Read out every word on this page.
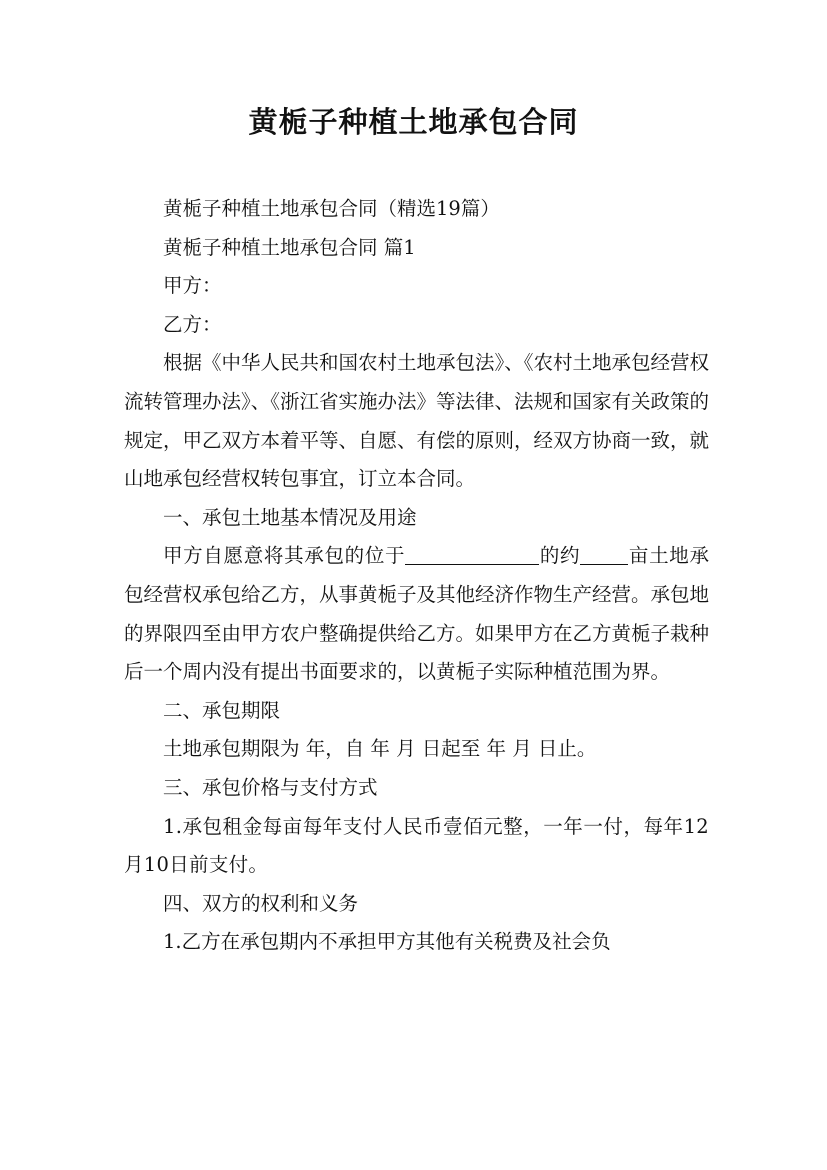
黄栀子种植土地承包合同

黄栀子种植土地承包合同（精选19篇）

黄栀子种植土地承包合同 篇1

甲方：

乙方：

根据《中华人民共和国农村土地承包法》、《农村土地承包经营权流转管理办法》、《浙江省实施办法》等法律、法规和国家有关政策的规定，甲乙双方本着平等、自愿、有偿的原则，经双方协商一致，就山地承包经营权转包事宜，订立本合同。

一、承包土地基本情况及用途

甲方自愿意将其承包的位于	的约 亩土地承包经营权承包给乙方，从事黄栀子及其他经济作物生产经营。承包地的界限四至由甲方农户整确提供给乙方。如果甲方在乙方黄栀子栽种后一个周内没有提出书面要求的，以黄栀子实际种植范围为界。

二、承包期限

土地承包期限为 年，自 年 月 日起至 年 月 日止。

三、承包价格与支付方式

1.承包租金每亩每年支付人民币壹佰元整，一年一付，每年12月10日前支付。

四、双方的权利和义务

1.乙方在承包期内不承担甲方其他有关税费及社会负
